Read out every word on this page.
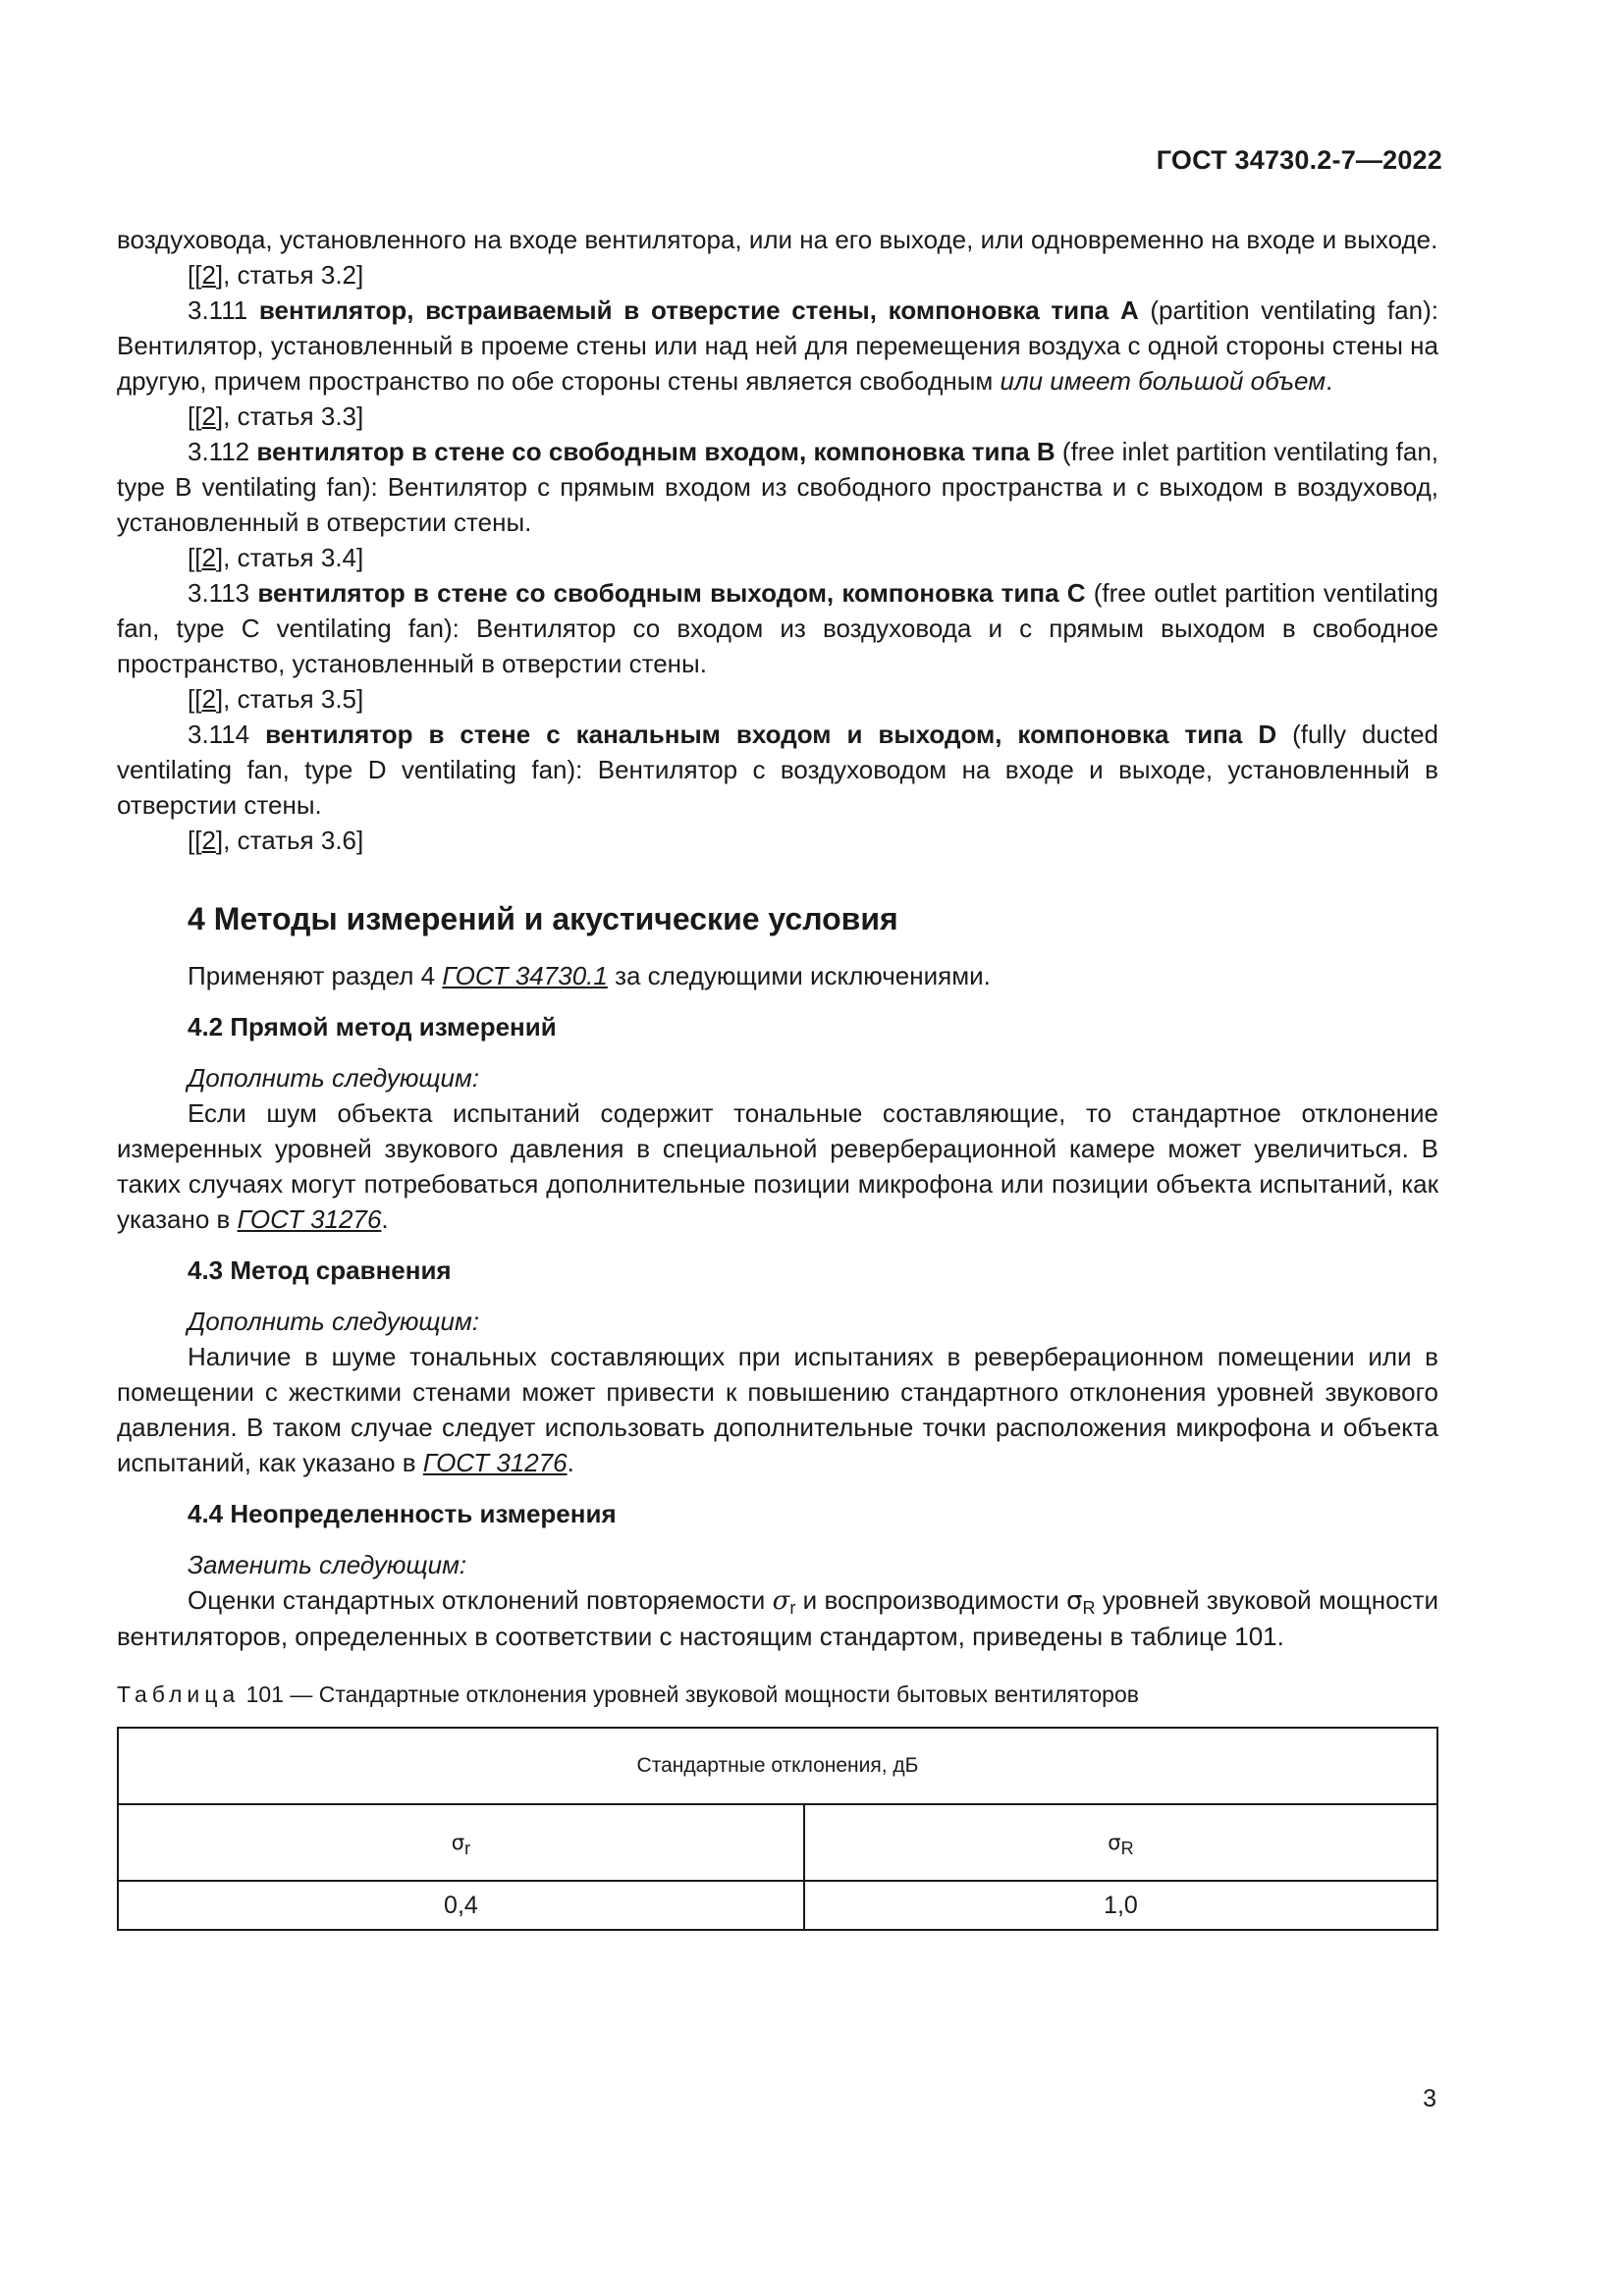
ГОСТ 34730.2-7—2022

воздуховода, установленного на входе вентилятора, или на его выходе, или одновременно на входе и выходе.

[[2], статья 3.2]

3.111 вентилятор, встраиваемый в отверстие стены, компоновка типа А (partition ventilating fan): Вентилятор, установленный в проеме стены или над ней для перемещения воздуха с одной стороны стены на другую, причем пространство по обе стороны стены является свободным или имеет большой объем.

[[2], статья 3.3]

3.112 вентилятор в стене со свободным входом, компоновка типа B (free inlet partition ventilating fan, type B ventilating fan): Вентилятор с прямым входом из свободного пространства и с выходом в воздуховод, установленный в отверстии стены.

[[2], статья 3.4]

3.113 вентилятор в стене со свободным выходом, компоновка типа C (free outlet partition ventilating fan, type C ventilating fan): Вентилятор со входом из воздуховода и с прямым выходом в свободное пространство, установленный в отверстии стены.

[[2], статья 3.5]

3.114 вентилятор в стене с канальным входом и выходом, компоновка типа D (fully ducted ventilating fan, type D ventilating fan): Вентилятор с воздуховодом на входе и выходе, установленный в отверстии стены.

[[2], статья 3.6]

4 Методы измерений и акустические условия

Применяют раздел 4 ГОСТ 34730.1 за следующими исключениями.

4.2 Прямой метод измерений

Дополнить следующим:

Если шум объекта испытаний содержит тональные составляющие, то стандартное отклонение измеренных уровней звукового давления в специальной реверберационной камере может увеличиться. В таких случаях могут потребоваться дополнительные позиции микрофона или позиции объекта испытаний, как указано в ГОСТ 31276.

4.3 Метод сравнения

Дополнить следующим:

Наличие в шуме тональных составляющих при испытаниях в реверберационном помещении или в помещении с жесткими стенами может привести к повышению стандартного отклонения уровней звукового давления. В таком случае следует использовать дополнительные точки расположения микрофона и объекта испытаний, как указано в ГОСТ 31276.

4.4 Неопределенность измерения

Заменить следующим:

Оценки стандартных отклонений повторяемости $\sigma_r$ и воспроизводимости $\sigma_R$ уровней звуковой мощности вентиляторов, определенных в соответствии с настоящим стандартом, приведены в таблице 101.

Таблица 101 — Стандартные отклонения уровней звуковой мощности бытовых вентиляторов

Стандартные отклонения, дБ	
$\sigma_r$	$\sigma_R$
0,4	1,0
3
